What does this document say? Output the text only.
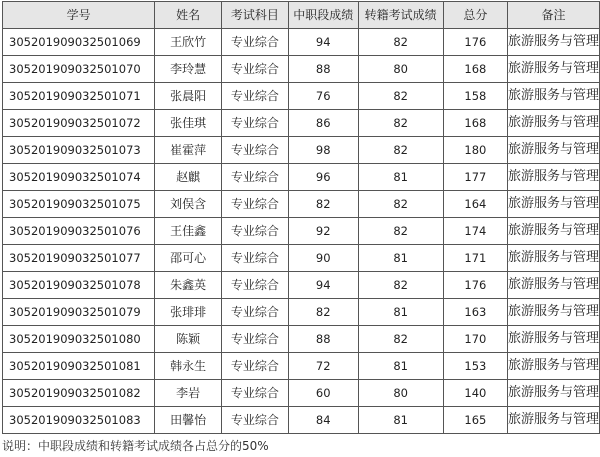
学号	姓名	考试科目	中职段成绩	转籍考试成绩	总分	备注
305201909032501069	王欣竹	专业综合	94	82	176	旅游服务与管理
305201909032501070	李玲慧	专业综合	88	80	168	旅游服务与管理
305201909032501071	张晨阳	专业综合	76	82	158	旅游服务与管理
305201909032501072	张佳琪	专业综合	86	82	168	旅游服务与管理
305201909032501073	崔霍萍	专业综合	98	82	180	旅游服务与管理
305201909032501074	赵麒	专业综合	96	81	177	旅游服务与管理
305201909032501075	刘俣含	专业综合	82	82	164	旅游服务与管理
305201909032501076	王佳鑫	专业综合	92	82	174	旅游服务与管理
305201909032501077	邵可心	专业综合	90	81	171	旅游服务与管理
305201909032501078	朱鑫英	专业综合	94	82	176	旅游服务与管理
305201909032501079	张琲琲	专业综合	82	81	163	旅游服务与管理
305201909032501080	陈颖	专业综合	88	82	170	旅游服务与管理
305201909032501081	韩永生	专业综合	72	81	153	旅游服务与管理
305201909032501082	李岩	专业综合	60	80	140	旅游服务与管理
305201909032501083	田馨怡	专业综合	84	81	165	旅游服务与管理
说明：中职段成绩和转籍考试成绩各占总分的50%
